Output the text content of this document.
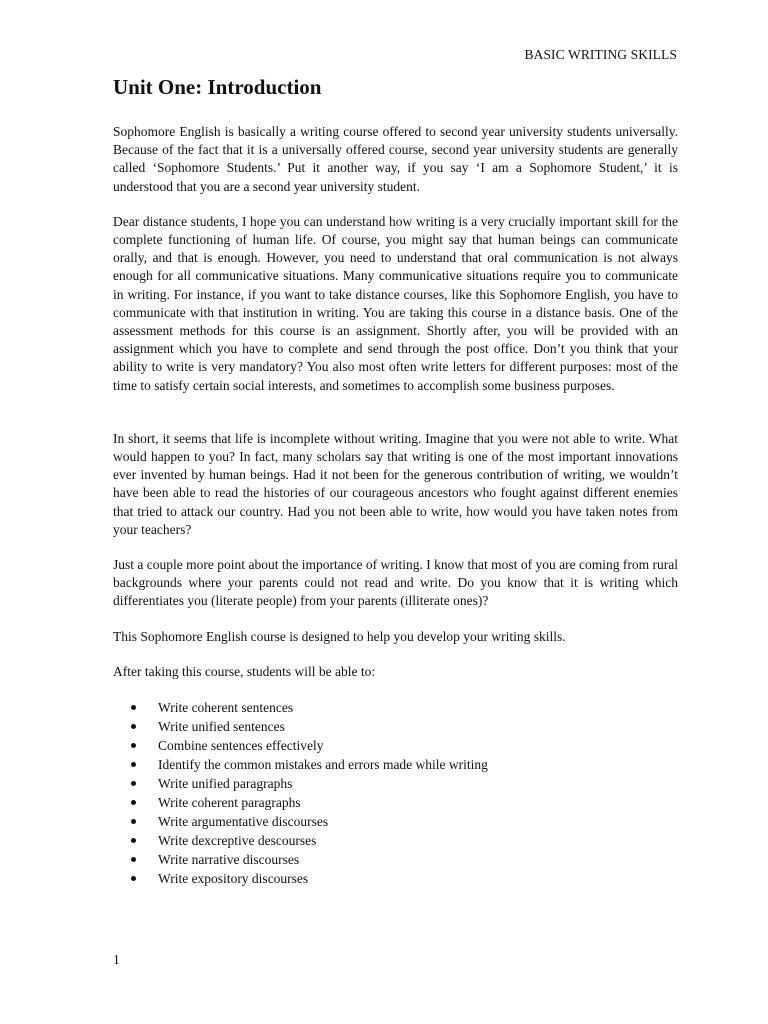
BASIC WRITING SKILLS
Unit One: Introduction

Sophomore English is basically a writing course offered to second year university students universally. Because of the fact that it is a universally offered course, second year university students are generally called ‘Sophomore Students.’ Put it another way, if you say ‘I am a Sophomore Student,’ it is understood that you are a second year university student.

Dear distance students, I hope you can understand how writing is a very crucially important skill for the complete functioning of human life. Of course, you might say that human beings can communicate orally, and that is enough. However, you need to understand that oral communication is not always enough for all communicative situations. Many communicative situations require you to communicate in writing. For instance, if you want to take distance courses, like this Sophomore English, you have to communicate with that institution in writing. You are taking this course in a distance basis. One of the assessment methods for this course is an assignment. Shortly after, you will be provided with an assignment which you have to complete and send through the post office. Don’t you think that your ability to write is very mandatory? You also most often write letters for different purposes: most of the time to satisfy certain social interests, and sometimes to accomplish some business purposes.

In short, it seems that life is incomplete without writing. Imagine that you were not able to write. What would happen to you? In fact, many scholars say that writing is one of the most important innovations ever invented by human beings. Had it not been for the generous contribution of writing, we wouldn’t have been able to read the histories of our courageous ancestors who fought against different enemies that tried to attack our country. Had you not been able to write, how would you have taken notes from your teachers?

Just a couple more point about the importance of writing. I know that most of you are coming from rural backgrounds where your parents could not read and write. Do you know that it is writing which differentiates you (literate people) from your parents (illiterate ones)?

This Sophomore English course is designed to help you develop your writing skills.

After taking this course, students will be able to:

Write coherent sentences
Write unified sentences
Combine sentences effectively
Identify the common mistakes and errors made while writing
Write unified paragraphs
Write coherent paragraphs
Write argumentative discourses
Write dexcreptive descourses
Write narrative discourses
Write expository discourses
1
